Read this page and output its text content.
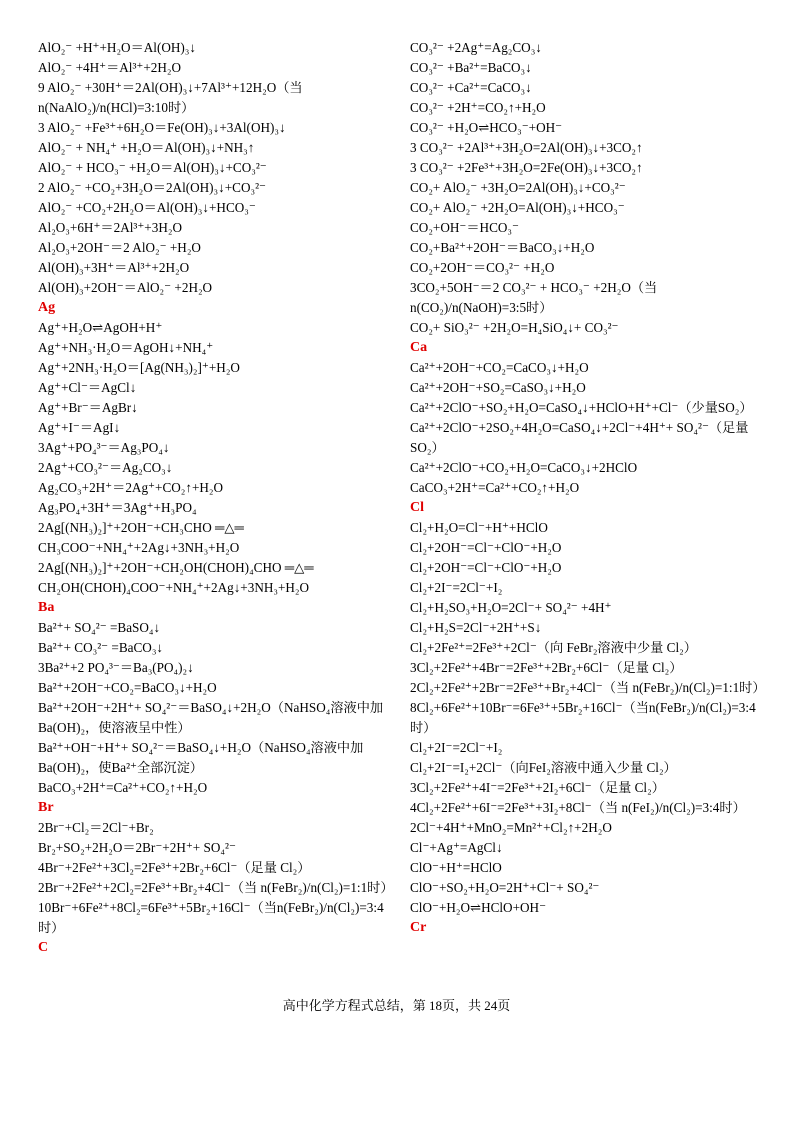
AlO₂⁻ +H⁺+H₂O＝Al(OH)₃↓
AlO₂⁻ +4H⁺＝Al³⁺+2H₂O
9 AlO₂⁻ +30H⁺＝2Al(OH)₃↓+7Al³⁺+12H₂O（当n(NaAlO₂)/n(HCl)=3:10时）
3 AlO₂⁻ +Fe³⁺+6H₂O＝Fe(OH)₃↓+3Al(OH)₃↓
AlO₂⁻ + NH₄⁺ +H₂O＝Al(OH)₃↓+NH₃↑
AlO₂⁻ + HCO₃⁻ +H₂O＝Al(OH)₃↓+CO₃²⁻
2 AlO₂⁻ +CO₂+3H₂O＝2Al(OH)₃↓+CO₃²⁻
AlO₂⁻ +CO₂+2H₂O＝Al(OH)₃↓+HCO₃⁻
Al₂O₃+6H⁺＝2Al³⁺+3H₂O
Al₂O₃+2OH⁻＝2 AlO₂⁻ +H₂O
Al(OH)₃+3H⁺＝Al³⁺+2H₂O
Al(OH)₃+2OH⁻＝AlO₂⁻ +2H₂O
Ag
Ag⁺+H₂O⇌AgOH+H⁺
Ag⁺+NH₃·H₂O＝AgOH↓+NH₄⁺
Ag⁺+2NH₃·H₂O＝[Ag(NH₃)₂]⁺+H₂O
Ag⁺+Cl⁻＝AgCl↓
Ag⁺+Br⁻＝AgBr↓
Ag⁺+I⁻＝AgI↓
3Ag⁺+PO₄³⁻＝Ag₃PO₄↓
2Ag⁺+CO₃²⁻＝Ag₂CO₃↓
Ag₂CO₃+2H⁺＝2Ag⁺+CO₂↑+H₂O
Ag₃PO₄+3H⁺＝3Ag⁺+H₃PO₄
2Ag[(NH₃)₂]⁺+2OH⁻+CH₃CHO ═△═ CH₃COO⁻+NH₄⁺+2Ag↓+3NH₃+H₂O
2Ag[(NH₃)₂]⁺+2OH⁻+CH₂OH(CHOH)₄CHO ═△═ CH₂OH(CHOH)₄COO⁻+NH₄⁺+2Ag↓+3NH₃+H₂O
Ba
Ba²⁺+ SO₄²⁻ =BaSO₄↓
Ba²⁺+ CO₃²⁻ =BaCO₃↓
3Ba²⁺+2 PO₄³⁻＝Ba₃(PO₄)₂↓
Ba²⁺+2OH⁻+CO₂=BaCO₃↓+H₂O
Ba²⁺+2OH⁻+2H⁺+ SO₄²⁻＝BaSO₄↓+2H₂O（NaHSO₄溶液中加Ba(OH)₂，使溶液呈中性）
Ba²⁺+OH⁻+H⁺+ SO₄²⁻＝BaSO₄↓+H₂O（NaHSO₄溶液中加Ba(OH)₂，使Ba²⁺全部沉淀）
BaCO₃+2H⁺=Ca²⁺+CO₂↑+H₂O
Br
2Br⁻+Cl₂＝2Cl⁻+Br₂
Br₂+SO₂+2H₂O＝2Br⁻+2H⁺+ SO₄²⁻
4Br⁻+2Fe²⁺+3Cl₂=2Fe³⁺+2Br₂+6Cl⁻（足量 Cl₂）
2Br⁻+2Fe²⁺+2Cl₂=2Fe³⁺+Br₂+4Cl⁻（当 n(FeBr₂)/n(Cl₂)=1:1时）
10Br⁻+6Fe²⁺+8Cl₂=6Fe³⁺+5Br₂+16Cl⁻（当n(FeBr₂)/n(Cl₂)=3:4时）
C
CO₃²⁻ +2Ag⁺=Ag₂CO₃↓
CO₃²⁻ +Ba²⁺=BaCO₃↓
CO₃²⁻ +Ca²⁺=CaCO₃↓
CO₃²⁻ +2H⁺=CO₂↑+H₂O
CO₃²⁻ +H₂O⇌HCO₃⁻+OH⁻
3 CO₃²⁻ +2Al³⁺+3H₂O=2Al(OH)₃↓+3CO₂↑
3 CO₃²⁻ +2Fe³⁺+3H₂O=2Fe(OH)₃↓+3CO₂↑
CO₂+ AlO₂⁻ +3H₂O=2Al(OH)₃↓+CO₃²⁻
CO₂+ AlO₂⁻ +2H₂O=Al(OH)₃↓+HCO₃⁻
CO₂+OH⁻＝HCO₃⁻
CO₂+Ba²⁺+2OH⁻＝BaCO₃↓+H₂O
CO₂+2OH⁻＝CO₃²⁻ +H₂O
3CO₂+5OH⁻＝2 CO₃²⁻ + HCO₃⁻ +2H₂O（当n(CO₂)/n(NaOH)=3:5时）
CO₂+ SiO₃²⁻ +2H₂O=H₄SiO₄↓+ CO₃²⁻
Ca
Ca²⁺+2OH⁻+CO₂=CaCO₃↓+H₂O
Ca²⁺+2OH⁻+SO₂=CaSO₃↓+H₂O
Ca²⁺+2ClO⁻+SO₂+H₂O=CaSO₄↓+HClO+H⁺+Cl⁻（少量SO₂）
Ca²⁺+2ClO⁻+2SO₂+4H₂O=CaSO₄↓+2Cl⁻+4H⁺+ SO₄²⁻（足量 SO₂）
Ca²⁺+2ClO⁻+CO₂+H₂O=CaCO₃↓+2HClO
CaCO₃+2H⁺=Ca²⁺+CO₂↑+H₂O
Cl
Cl₂+H₂O=Cl⁻+H⁺+HClO
Cl₂+2OH⁻=Cl⁻+ClO⁻+H₂O
Cl₂+2OH⁻=Cl⁻+ClO⁻+H₂O
Cl₂+2I⁻=2Cl⁻+I₂
Cl₂+H₂SO₃+H₂O=2Cl⁻+ SO₄²⁻ +4H⁺
Cl₂+H₂S=2Cl⁻+2H⁺+S↓
Cl₂+2Fe²⁺=2Fe³⁺+2Cl⁻（向 FeBr₂溶液中少量 Cl₂）
3Cl₂+2Fe²⁺+4Br⁻=2Fe³⁺+2Br₂+6Cl⁻（足量 Cl₂）
2Cl₂+2Fe²⁺+2Br⁻=2Fe³⁺+Br₂+4Cl⁻（当 n(FeBr₂)/n(Cl₂)=1:1时）
8Cl₂+6Fe²⁺+10Br⁻=6Fe³⁺+5Br₂+16Cl⁻（当n(FeBr₂)/n(Cl₂)=3:4时）
Cl₂+2I⁻=2Cl⁻+I₂
Cl₂+2I⁻=I₂+2Cl⁻（向FeI₂溶液中通入少量 Cl₂）
3Cl₂+2Fe²⁺+4I⁻=2Fe³⁺+2I₂+6Cl⁻（足量 Cl₂）
4Cl₂+2Fe²⁺+6I⁻=2Fe³⁺+3I₂+8Cl⁻（当 n(FeI₂)/n(Cl₂)=3:4时）
2Cl⁻+4H⁺+MnO₂=Mn²⁺+Cl₂↑+2H₂O
Cl⁻+Ag⁺=AgCl↓
ClO⁻+H⁺=HClO
ClO⁻+SO₂+H₂O=2H⁺+Cl⁻+ SO₄²⁻
ClO⁻+H₂O⇌HClO+OH⁻
Cr
高中化学方程式总结，第 18页，共 24页
